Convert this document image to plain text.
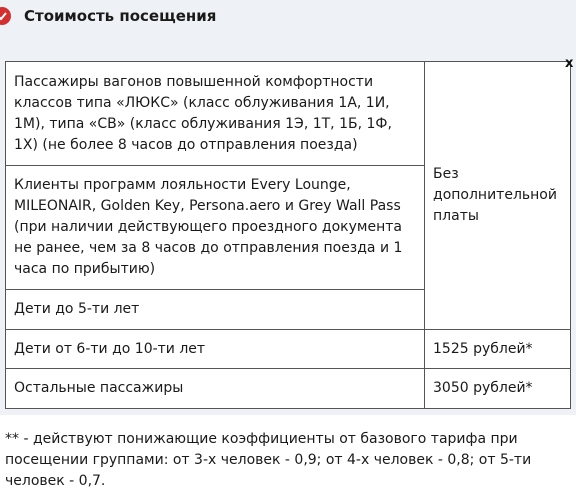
Стоимость посещения
Пассажиры вагонов повышенной комфортности классов типа «ЛЮКС» (класс облуживания 1А, 1И, 1М), типа «СВ» (класс облуживания 1Э, 1Т, 1Б, 1Ф, 1Х) (не более 8 часов до отправления поезда)	Без дополнительной платы

Клиенты программ лояльности Every Lounge, MILEONAIR, Golden Key, Persona.aero и Grey Wall Pass (при наличии действующего проездного документа не ранее, чем за 8 часов до отправления поезда и 1 часа по прибытию)	
Дети до 5-ти лет	
Дети от 6-ти до 10-ти лет	1525 рублей*
Остальные пассажиры	3050 рублей*
x
** - действуют понижающие коэффициенты от базового тарифа при посещении группами: от 3-х человек - 0,9; от 4-х человек - 0,8; от 5-ти человек - 0,7.
